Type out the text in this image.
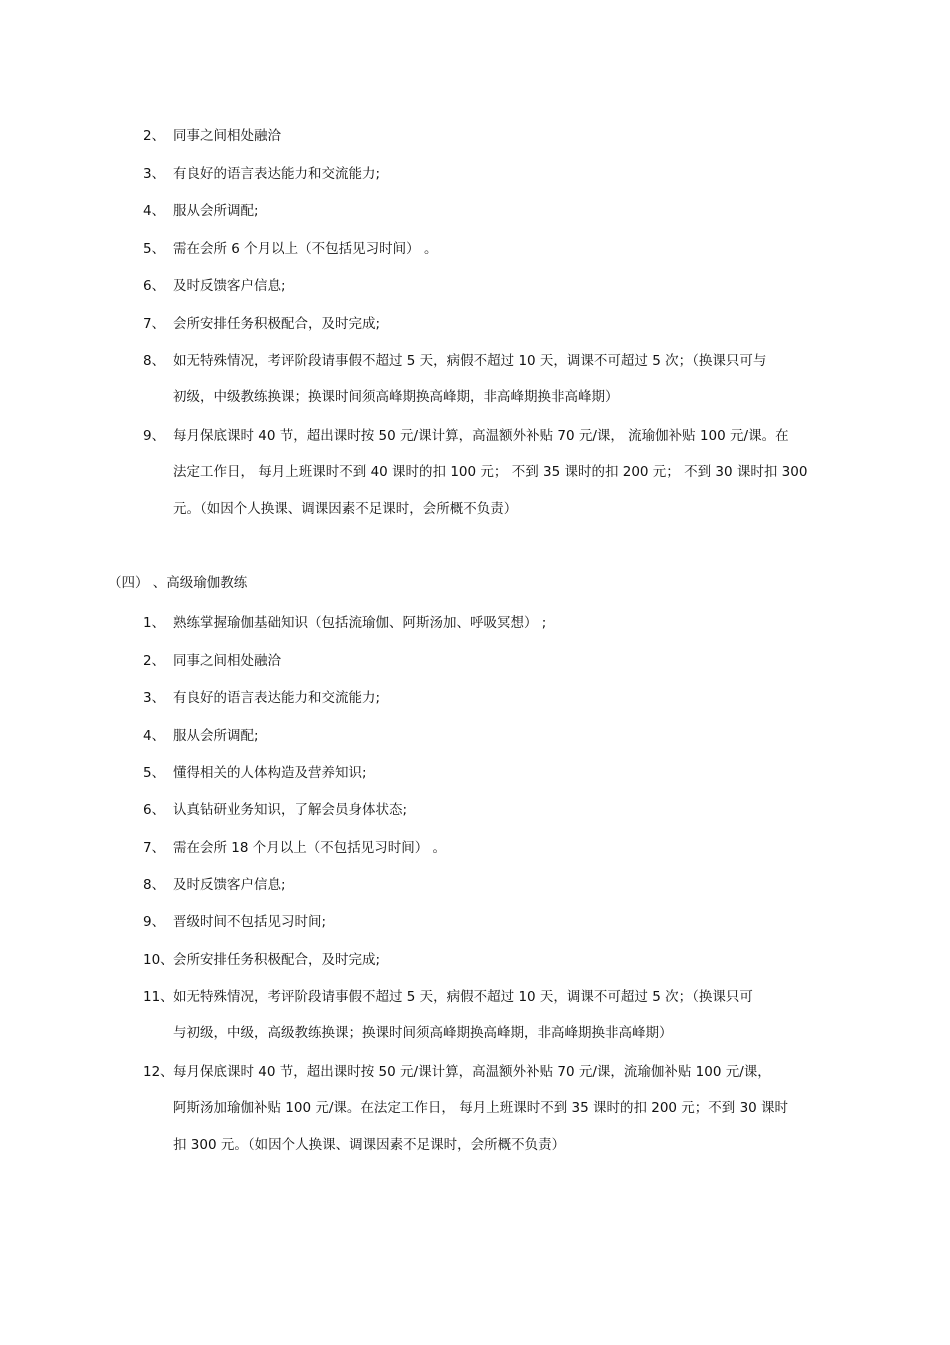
2、 同事之间相处融洽
3、 有良好的语言表达能力和交流能力;
4、 服从会所调配;
5、 需在会所 6 个月以上（不包括见习时间） 。
6、 及时反馈客户信息;
7、 会所安排任务积极配合，及时完成;
8、 如无特殊情况，考评阶段请事假不超过 5 天，病假不超过 10 天，调课不可超过 5 次；（换课只可与
初级，中级教练换课；换课时间须高峰期换高峰期，非高峰期换非高峰期）
9、 每月保底课时 40 节，超出课时按 50 元/课计算，高温额外补贴 70 元/课， 流瑜伽补贴 100 元/课。在
法定工作日， 每月上班课时不到 40 课时的扣 100 元； 不到 35 课时的扣 200 元； 不到 30 课时扣 300
元。（如因个人换课、调课因素不足课时，会所概不负责）
（四） 、高级瑜伽教练
1、 熟练掌握瑜伽基础知识（包括流瑜伽、阿斯汤加、呼吸冥想） ;
2、 同事之间相处融洽
3、 有良好的语言表达能力和交流能力;
4、 服从会所调配;
5、 懂得相关的人体构造及营养知识;
6、 认真钻研业务知识，了解会员身体状态;
7、 需在会所 18 个月以上（不包括见习时间） 。
8、 及时反馈客户信息;
9、 晋级时间不包括见习时间;
10、 会所安排任务积极配合，及时完成;
11、 如无特殊情况，考评阶段请事假不超过 5 天，病假不超过 10 天，调课不可超过 5 次；（换课只可
与初级，中级，高级教练换课；换课时间须高峰期换高峰期，非高峰期换非高峰期）
12、 每月保底课时 40 节，超出课时按 50 元/课计算，高温额外补贴 70 元/课，流瑜伽补贴 100 元/课，
阿斯汤加瑜伽补贴 100 元/课。在法定工作日， 每月上班课时不到 35 课时的扣 200 元；不到 30 课时
扣 300 元。（如因个人换课、调课因素不足课时，会所概不负责）
